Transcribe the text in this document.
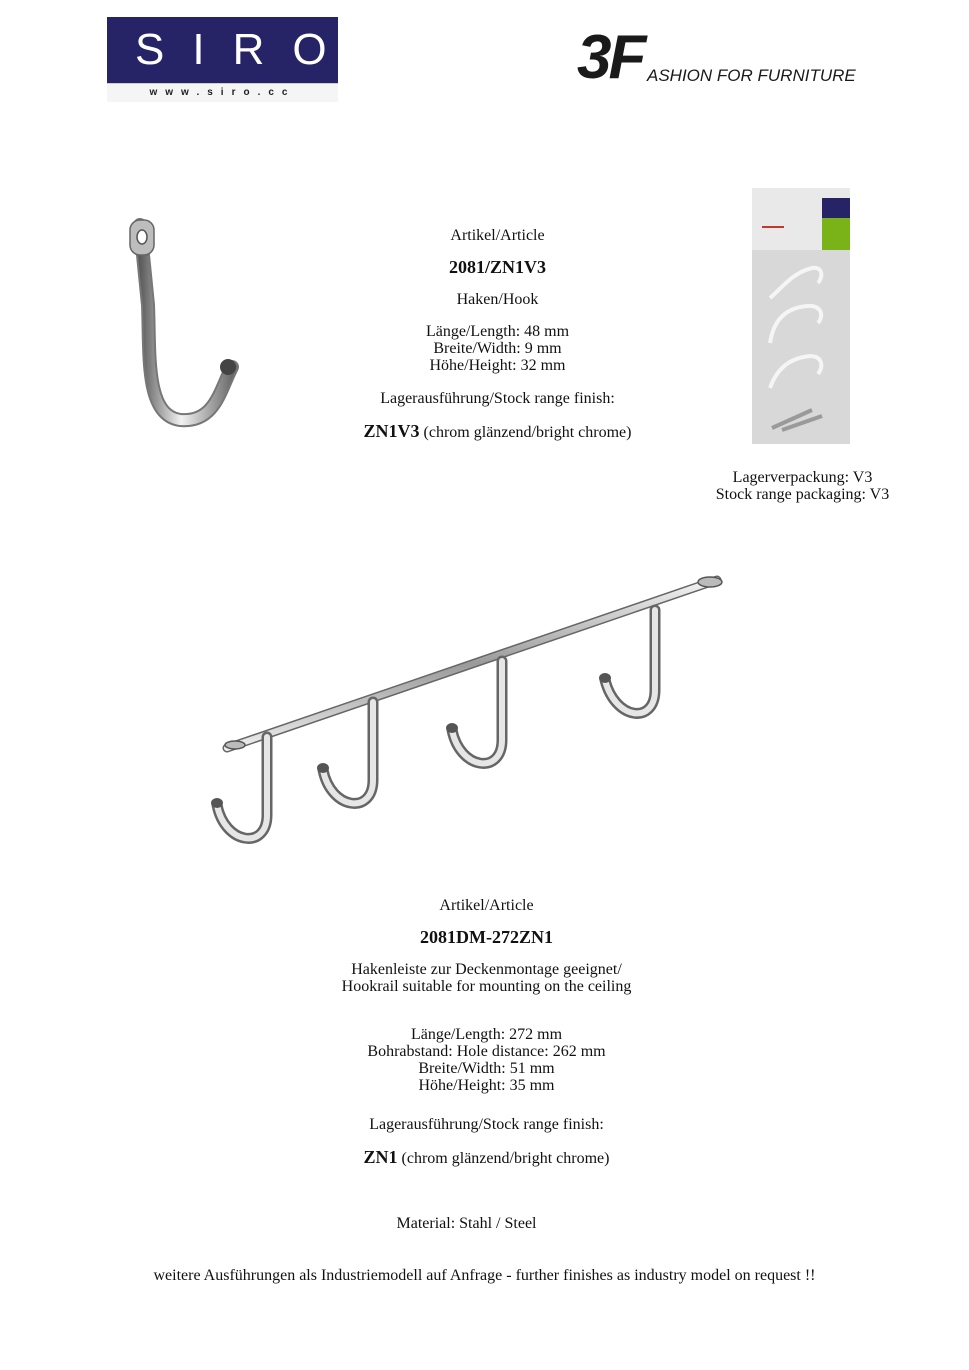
SIRO
www.siro.cc
3F ASHION FOR FURNITURE
Artikel/Article
2081/ZN1V3
Haken/Hook
Länge/Length: 48 mm
Breite/Width: 9 mm
Höhe/Height: 32 mm
Lagerausführung/Stock range finish:
ZN1V3 (chrom glänzend/bright chrome)
Lagerverpackung: V3
Stock range packaging: V3
Artikel/Article
2081DM-272ZN1
Hakenleiste zur Deckenmontage geeignet/
Hookrail suitable for mounting on the ceiling
Länge/Length: 272 mm
Bohrabstand: Hole distance: 262 mm
Breite/Width: 51 mm
Höhe/Height: 35 mm
Lagerausführung/Stock range finish:
ZN1 (chrom glänzend/bright chrome)
Material: Stahl / Steel
weitere Ausführungen als Industriemodell auf Anfrage - further finishes as industry model on request !!
